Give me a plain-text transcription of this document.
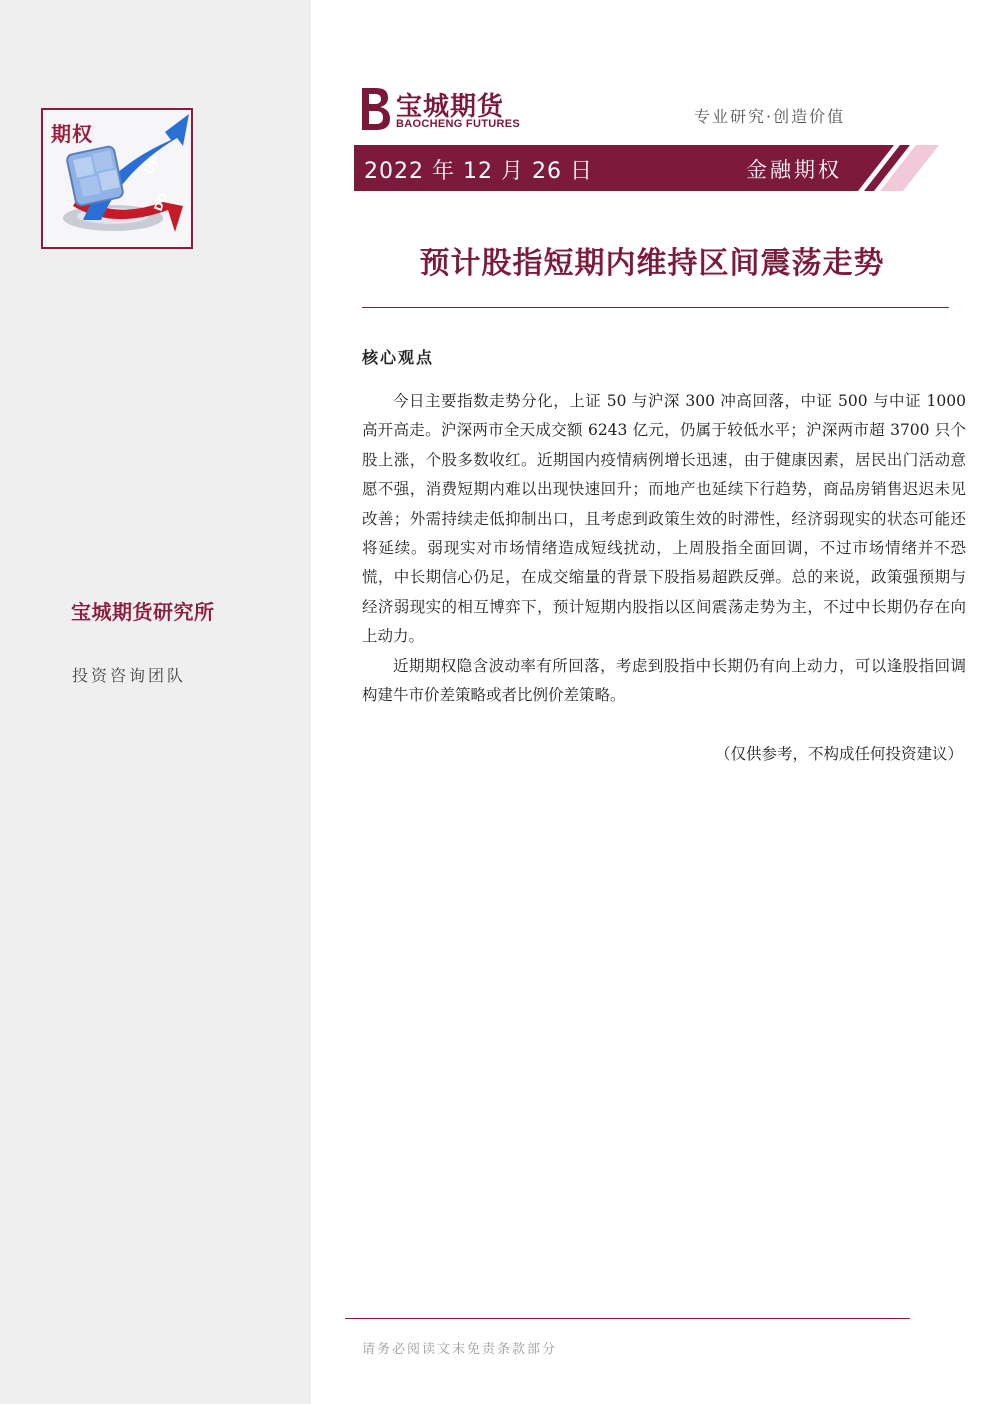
UP
DO
期权
宝城期货研究所
投资咨询团队
宝城期货
BAOCHENG FUTURES	专业研究·创造价值
2022 年 12 月 26 日	金融期权
预计股指短期内维持区间震荡走势
核心观点

今日主要指数走势分化，上证 50 与沪深 300 冲高回落，中证 500 与中证 1000 高开高走。沪深两市全天成交额 6243 亿元，仍属于较低水平；沪深两市超 3700 只个股上涨，个股多数收红。近期国内疫情病例增长迅速，由于健康因素，居民出门活动意愿不强，消费短期内难以出现快速回升；而地产也延续下行趋势，商品房销售迟迟未见改善；外需持续走低抑制出口，且考虑到政策生效的时滞性，经济弱现实的状态可能还将延续。弱现实对市场情绪造成短线扰动，上周股指全面回调，不过市场情绪并不恐慌，中长期信心仍足，在成交缩量的背景下股指易超跌反弹。总的来说，政策强预期与经济弱现实的相互博弈下，预计短期内股指以区间震荡走势为主，不过中长期仍存在向上动力。

近期期权隐含波动率有所回落，考虑到股指中长期仍有向上动力，可以逢股指回调构建牛市价差策略或者比例价差策略。

（仅供参考，不构成任何投资建议）
请务必阅读文末免责条款部分
